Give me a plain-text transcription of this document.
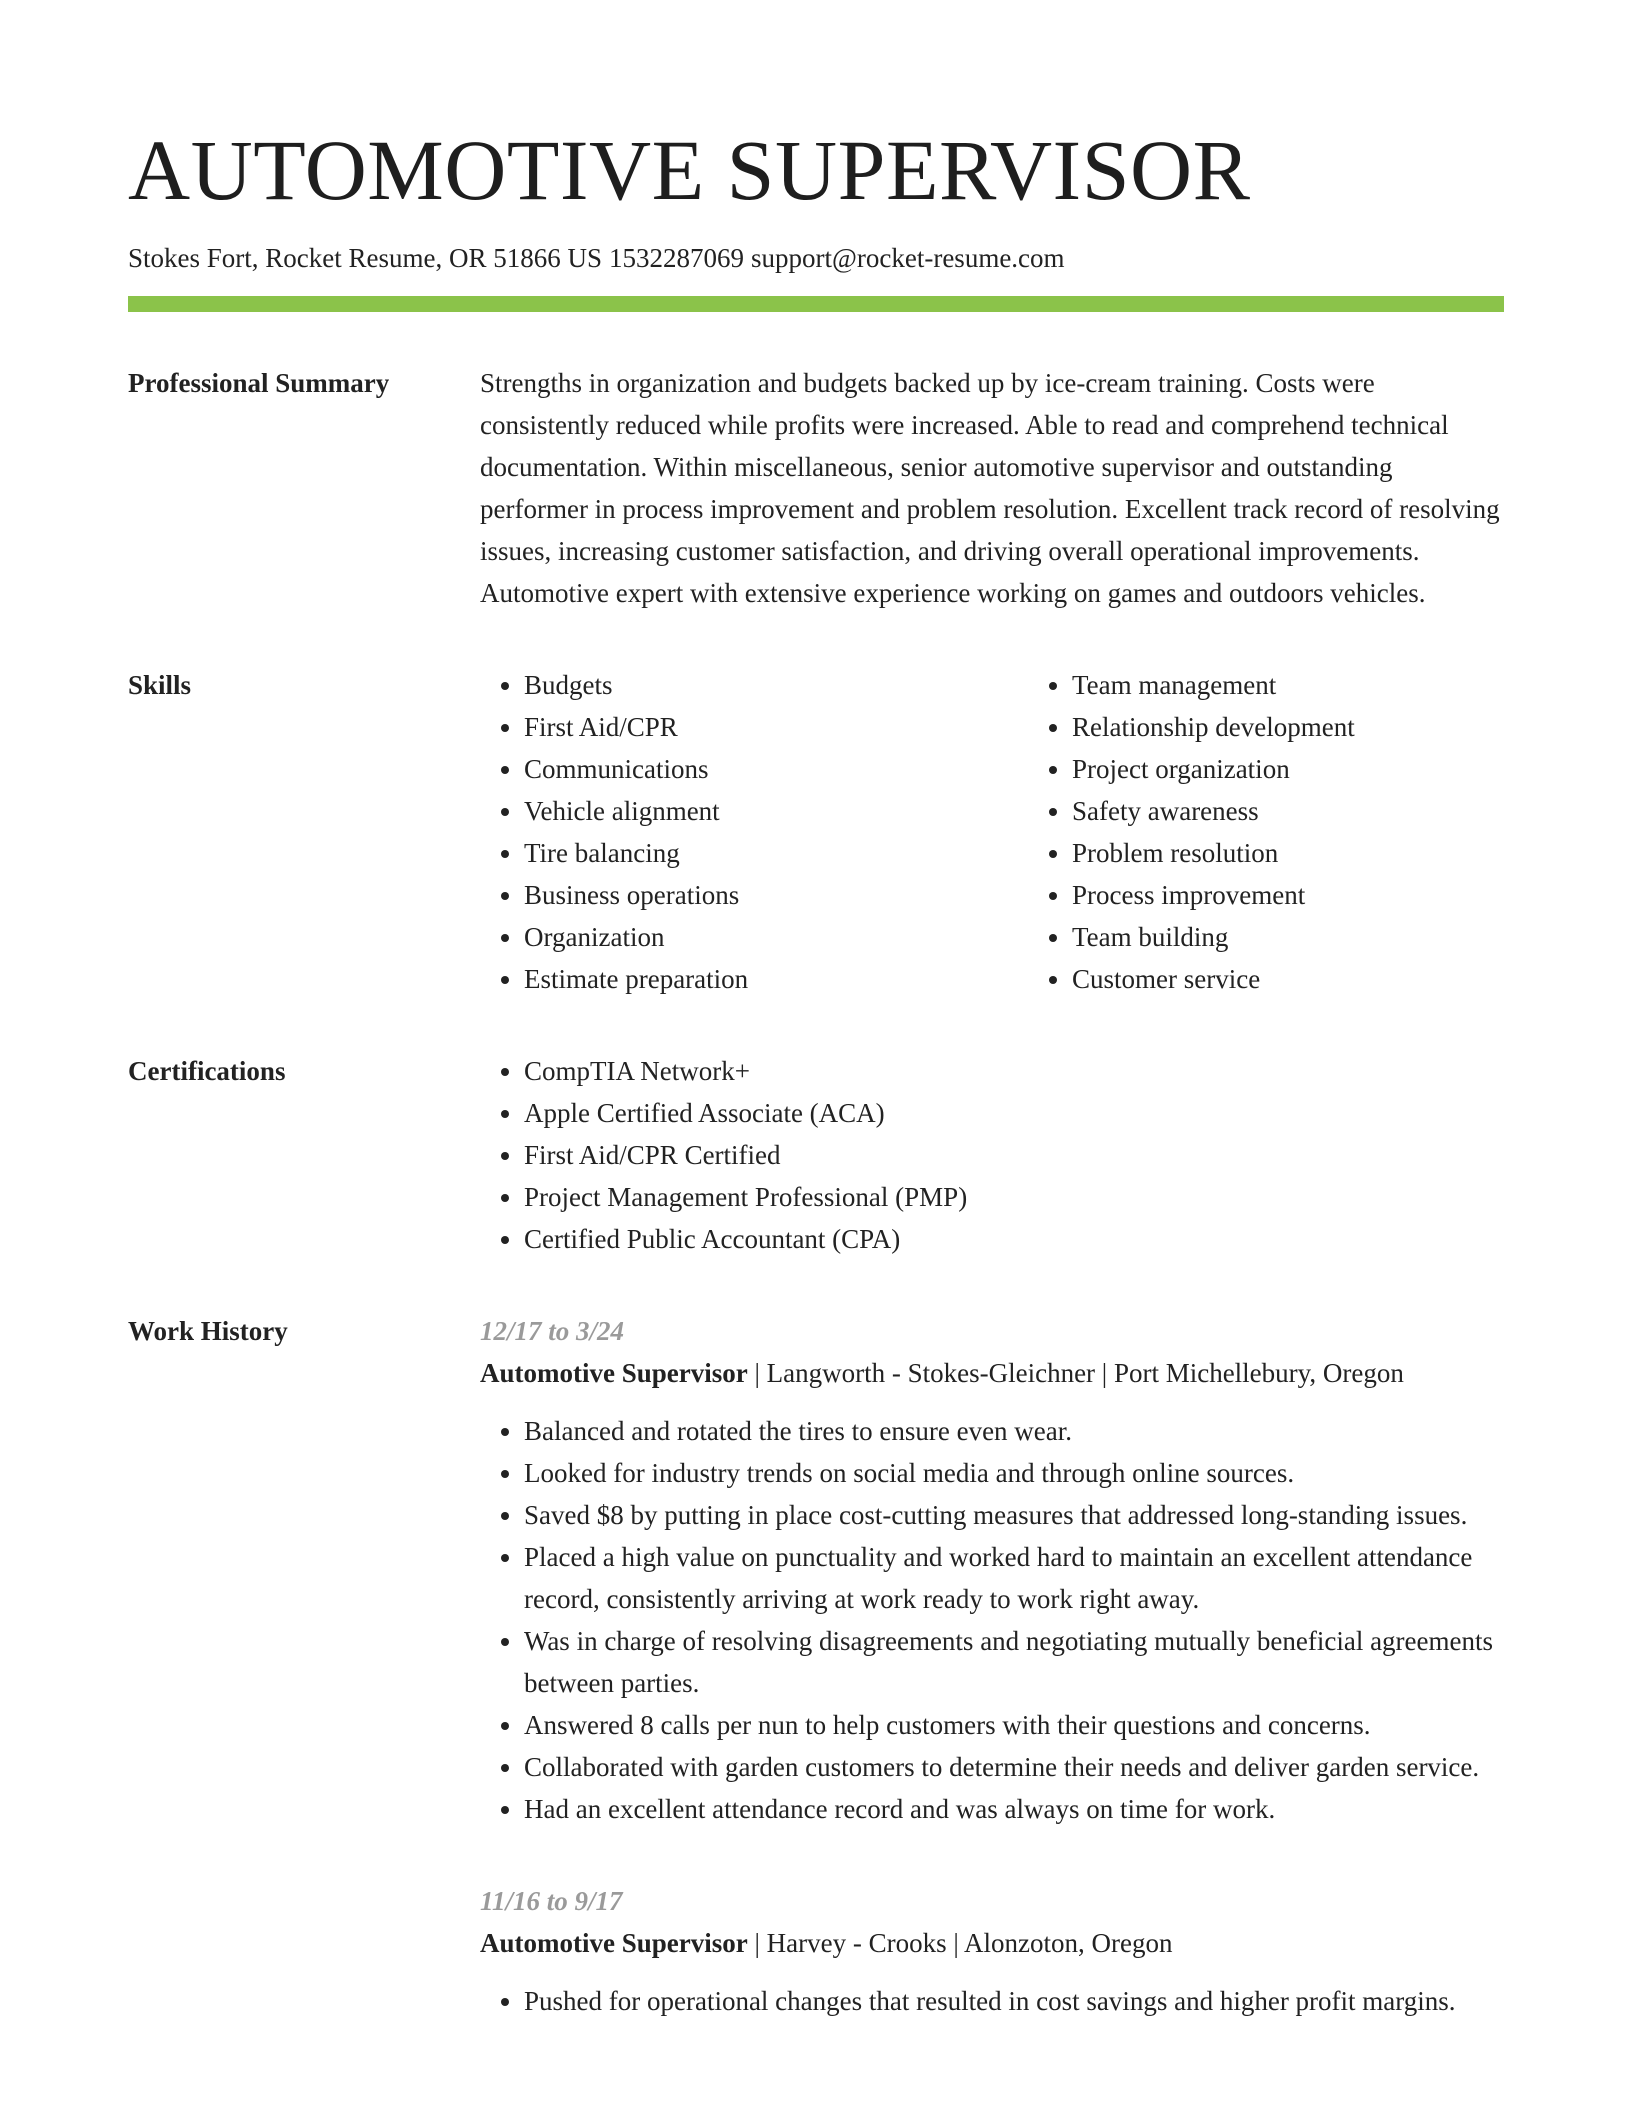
AUTOMOTIVE SUPERVISOR
Stokes Fort, Rocket Resume, OR 51866 US 1532287069 support@rocket-resume.com
Professional Summary	Strengths in organization and budgets backed up by ice-cream training. Costs were consistently reduced while profits were increased. Able to read and comprehend technical documentation. Within miscellaneous, senior automotive supervisor and outstanding performer in process improvement and problem resolution. Excellent track record of resolving issues, increasing customer satisfaction, and driving overall operational improvements. Automotive expert with extensive experience working on games and outdoors vehicles.

Skills	• Budgets
• First Aid/CPR
• Communications
• Vehicle alignment
• Tire balancing
• Business operations
• Organization
• Estimate preparation
• Team management
• Relationship development
• Project organization
• Safety awareness
• Problem resolution
• Process improvement
• Team building
• Customer service
Certifications	• CompTIA Network+
• Apple Certified Associate (ACA)
• First Aid/CPR Certified
• Project Management Professional (PMP)
• Certified Public Accountant (CPA)
Work History	12/17 to 3/24
Automotive Supervisor | Langworth - Stokes-Gleichner | Port Michellebury, Oregon
• Balanced and rotated the tires to ensure even wear.
• Looked for industry trends on social media and through online sources.
• Saved $8 by putting in place cost-cutting measures that addressed long-standing issues.
• Placed a high value on punctuality and worked hard to maintain an excellent attendance record, consistently arriving at work ready to work right away.
• Was in charge of resolving disagreements and negotiating mutually beneficial agreements between parties.
• Answered 8 calls per nun to help customers with their questions and concerns.
• Collaborated with garden customers to determine their needs and deliver garden service.
• Had an excellent attendance record and was always on time for work.
11/16 to 9/17
Automotive Supervisor | Harvey - Crooks | Alonzoton, Oregon
• Pushed for operational changes that resulted in cost savings and higher profit margins.
